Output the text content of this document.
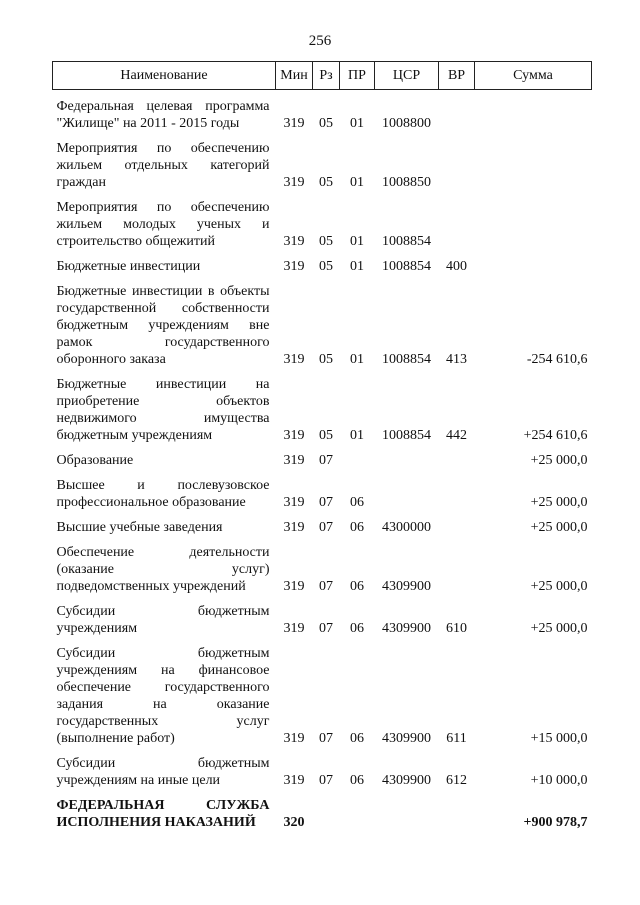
256
Наименование	Мин	Рз	ПР	ЦСР	ВР	Сумма
Федеральная целевая программа "Жилище" на 2011 - 2015 годы	319	05	01	1008800		
Мероприятия по обеспечению жильем отдельных категорий граждан	319	05	01	1008850		
Мероприятия по обеспечению жильем молодых ученых и строительство общежитий	319	05	01	1008854		
Бюджетные инвестиции	319	05	01	1008854	400	
Бюджетные инвестиции в объекты государственной собственности бюджетным учреждениям вне рамок государственного оборонного заказа	319	05	01	1008854	413	-254 610,6
Бюджетные инвестиции на приобретение объектов недвижимого имущества бюджетным учреждениям	319	05	01	1008854	442	+254 610,6
Образование	319	07				+25 000,0
Высшее и послевузовское профессиональное образование	319	07	06			+25 000,0
Высшие учебные заведения	319	07	06	4300000		+25 000,0
Обеспечение деятельности (оказание услуг) подведомственных учреждений	319	07	06	4309900		+25 000,0
Субсидии бюджетным учреждениям	319	07	06	4309900	610	+25 000,0
Субсидии бюджетным учреждениям на финансовое обеспечение государственного задания на оказание государственных услуг (выполнение работ)	319	07	06	4309900	611	+15 000,0
Субсидии бюджетным учреждениям на иные цели	319	07	06	4309900	612	+10 000,0
ФЕДЕРАЛЬНАЯ СЛУЖБА ИСПОЛНЕНИЯ НАКАЗАНИЙ	320					+900 978,7
